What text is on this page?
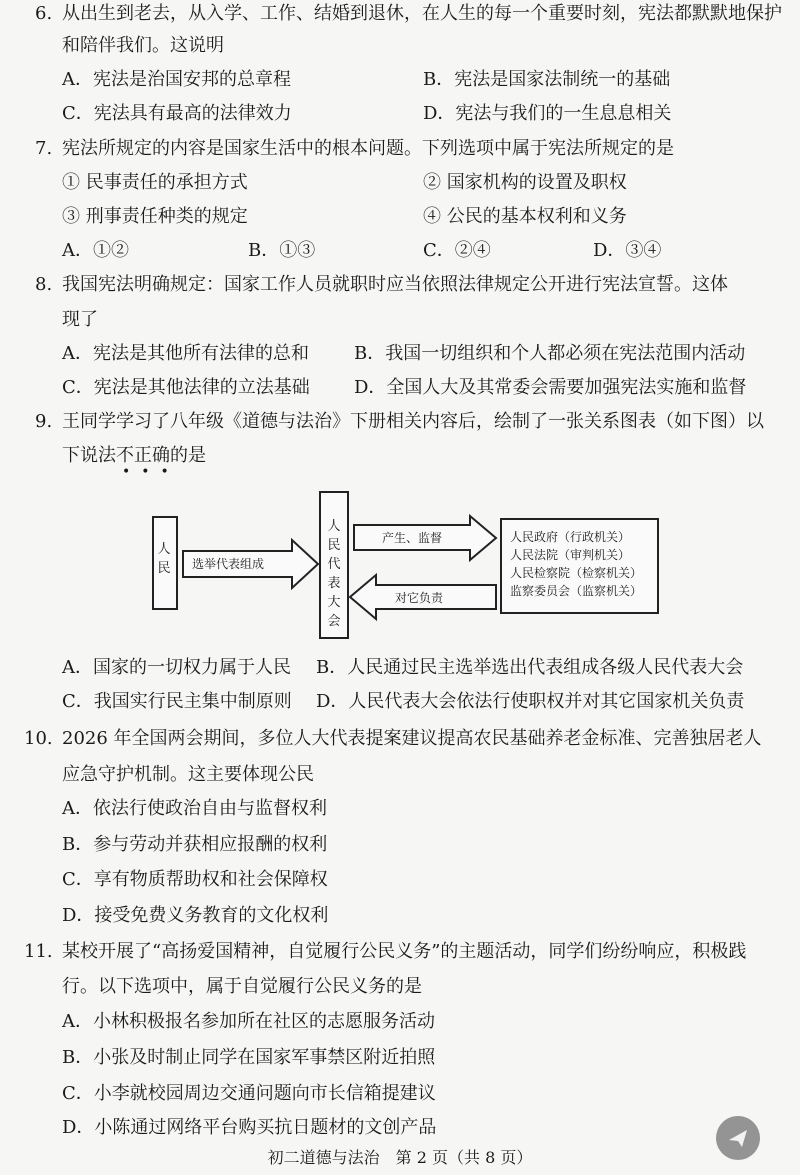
6. 从出生到老去，从入学、工作、结婚到退休，在人生的每一个重要时刻，宪法都默默地保护
和陪伴我们。这说明
A．宪法是治国安邦的总章程	B．宪法是国家法制统一的基础
C．宪法具有最高的法律效力	D．宪法与我们的一生息息相关
7. 宪法所规定的内容是国家生活中的根本问题。下列选项中属于宪法所规定的是
① 民事责任的承担方式	② 国家机构的设置及职权
③ 刑事责任种类的规定	④ 公民的基本权利和义务
A．①②	B．①③	C．②④	D．③④
8. 我国宪法明确规定：国家工作人员就职时应当依照法律规定公开进行宪法宣誓。这体
现了
A．宪法是其他所有法律的总和	B．我国一切组织和个人都必须在宪法范围内活动
C．宪法是其他法律的立法基础 D．全国人大及其常委会需要加强宪法实施和监督
9. 王同学学习了八年级《道德与法治》下册相关内容后，绘制了一张关系图表（如下图）以
下说法不正确的是
•••
人民
人民代表大会
人民政府（行政机关）
人民法院（审判机关）
人民检察院（检察机关）
监察委员会（监察机关）
选举代表组成
产生、监督
对它负责
A．国家的一切权力属于人民 B．人民通过民主选举选出代表组成各级人民代表大会
C．我国实行民主集中制原则 D．人民代表大会依法行使职权并对其它国家机关负责
10. 2026 年全国两会期间，多位人大代表提案建议提高农民基础养老金标准、完善独居老人
应急守护机制。这主要体现公民
A．依法行使政治自由与监督权利
B．参与劳动并获相应报酬的权利
C．享有物质帮助权和社会保障权
D．接受免费义务教育的文化权利
11. 某校开展了“高扬爱国精神，自觉履行公民义务”的主题活动，同学们纷纷响应，积极践
行。以下选项中，属于自觉履行公民义务的是
A．小林积极报名参加所在社区的志愿服务活动
B．小张及时制止同学在国家军事禁区附近拍照
C．小李就校园周边交通问题向市长信箱提建议
D．小陈通过网络平台购买抗日题材的文创产品
初二道德与法治　第 2 页（共 8 页）
